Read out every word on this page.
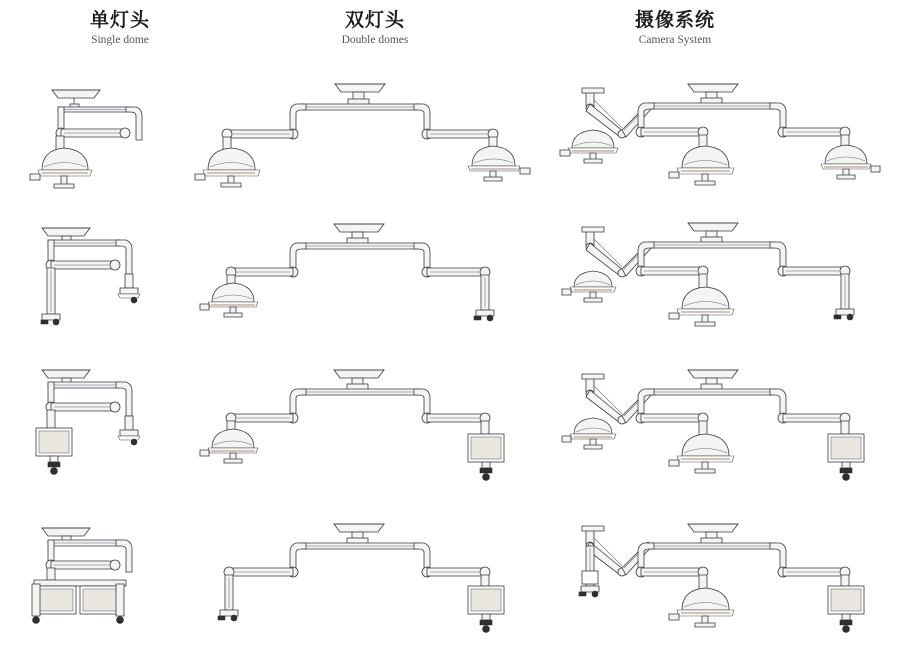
单灯头
Single dome
双灯头
Double domes
摄像系统
Camera System
